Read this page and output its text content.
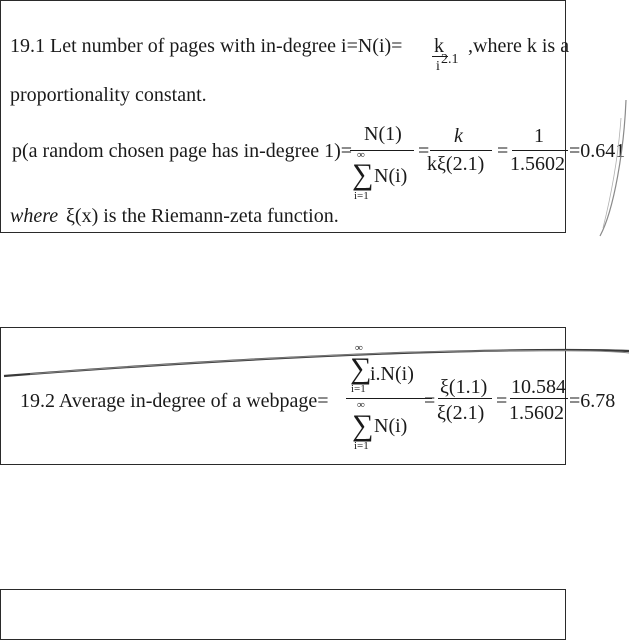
19.1 Let number of pages with in-degree i=N(i)= k
i 2.1
,where k is a
proportionality constant.
p(a random chosen page has in-degree 1)=
N(1)
∞
∑
i=1
N(i)
=
k
kξ(2.1)
=
1
1.5602
=0.641
where ξ(x) is the Riemann-zeta function.
19.2 Average in-degree of a webpage=
∞
∑
i=1
i.N(i)
∞
∑
i=1
N(i)
=
ξ(1.1)
ξ(2.1)
=
10.584
1.5602
=6.78
